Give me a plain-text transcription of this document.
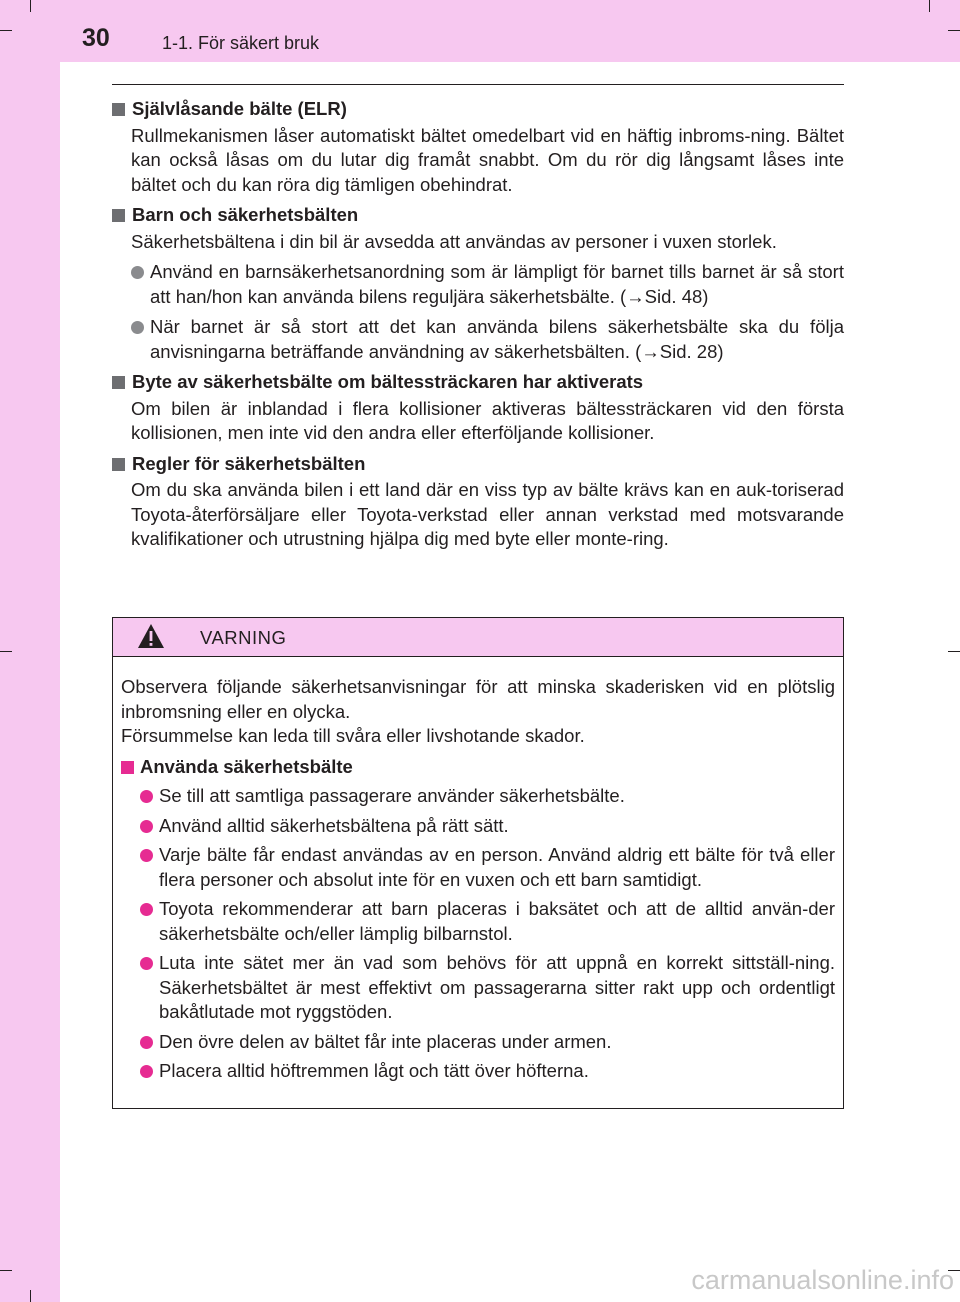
30	1-1. För säkert bruk
Självlåsande bälte (ELR)
Rullmekanismen låser automatiskt bältet omedelbart vid en häftig inbroms-ning. Bältet kan också låsas om du lutar dig framåt snabbt. Om du rör dig långsamt låses inte bältet och du kan röra dig tämligen obehindrat.
Barn och säkerhetsbälten
Säkerhetsbältena i din bil är avsedda att användas av personer i vuxen storlek.
Använd en barnsäkerhetsanordning som är lämpligt för barnet tills barnet är så stort att han/hon kan använda bilens reguljära säkerhetsbälte. (→Sid. 48)
När barnet är så stort att det kan använda bilens säkerhetsbälte ska du följa anvisningarna beträffande användning av säkerhetsbälten. (→Sid. 28)
Byte av säkerhetsbälte om bältessträckaren har aktiverats
Om bilen är inblandad i flera kollisioner aktiveras bältessträckaren vid den första kollisionen, men inte vid den andra eller efterföljande kollisioner.
Regler för säkerhetsbälten
Om du ska använda bilen i ett land där en viss typ av bälte krävs kan en auk-toriserad Toyota-återförsäljare eller Toyota-verkstad eller annan verkstad med motsvarande kvalifikationer och utrustning hjälpa dig med byte eller monte-ring.
VARNING
Observera följande säkerhetsanvisningar för att minska skaderisken vid en plötslig inbromsning eller en olycka.
Försummelse kan leda till svåra eller livshotande skador.
Använda säkerhetsbälte
Se till att samtliga passagerare använder säkerhetsbälte.
Använd alltid säkerhetsbältena på rätt sätt.
Varje bälte får endast användas av en person. Använd aldrig ett bälte för två eller flera personer och absolut inte för en vuxen och ett barn samtidigt.
Toyota rekommenderar att barn placeras i baksätet och att de alltid använ-der säkerhetsbälte och/eller lämplig bilbarnstol.
Luta inte sätet mer än vad som behövs för att uppnå en korrekt sittställ-ning. Säkerhetsbältet är mest effektivt om passagerarna sitter rakt upp och ordentligt bakåtlutade mot ryggstöden.
Den övre delen av bältet får inte placeras under armen.
Placera alltid höftremmen lågt och tätt över höfterna.
carmanualsonline.info
